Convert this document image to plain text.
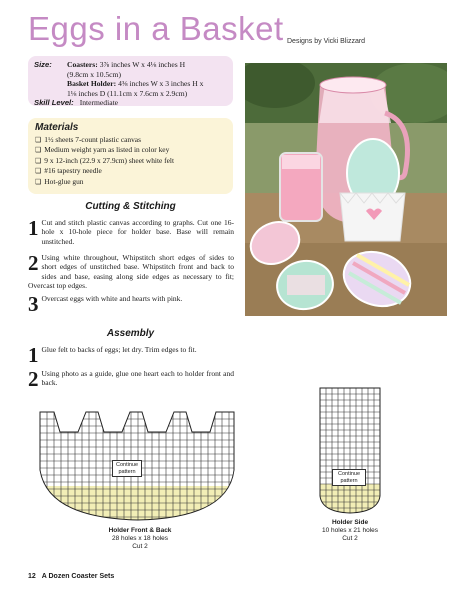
Eggs in a Basket Designs by Vicki Blizzard
Size: Coasters: 3⅞ inches W x 4⅛ inches H
(9.8cm x 10.5cm)
Basket Holder: 4⅜ inches W x 3 inches H x
1⅛ inches D (11.1cm x 7.6cm x 2.9cm)
Skill Level: Intermediate
Materials
❏ 1½ sheets 7-count plastic canvas
❏ Medium weight yarn as listed in color key
❏ 9 x 12-inch (22.9 x 27.9cm) sheet white felt
❏ #16 tapestry needle
❏ Hot-glue gun
Cutting & Stitching
1 Cut and stitch plastic canvas according to graphs. Cut one 16-hole x 10-hole piece for holder base. Base will remain unstitched.
2 Using white throughout, Whipstitch short edges of sides to short edges of unstitched base. Whipstitch front and back to sides and base, easing along side edges as necessary to fit; Overcast top edges.
3 Overcast eggs with white and hearts with pink.
Assembly
1 Glue felt to backs of eggs; let dry. Trim edges to fit.
2 Using photo as a guide, glue one heart each to holder front and back.
Continue pattern
Holder Front & Back
28 holes x 18 holes
Cut 2
Continue pattern
Holder Side
10 holes x 21 holes
Cut 2
12 A Dozen Coaster Sets
